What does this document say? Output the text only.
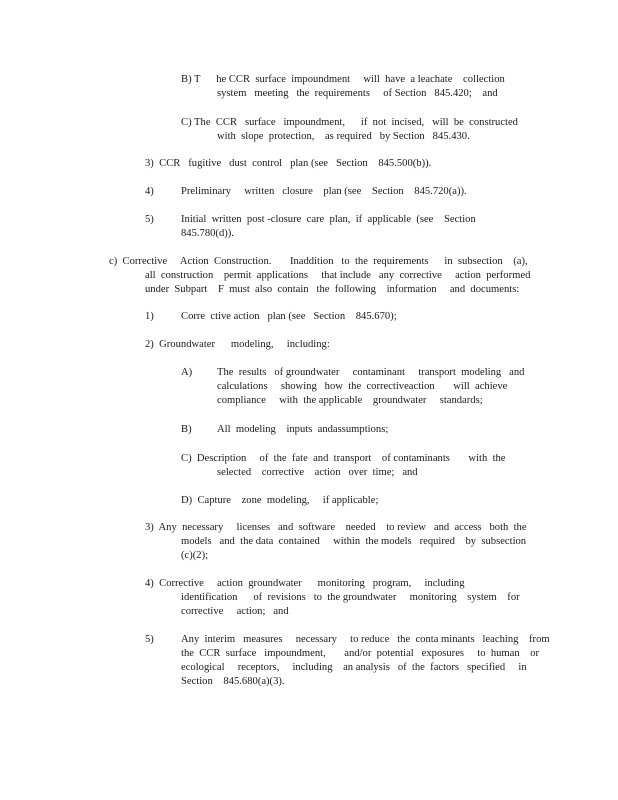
B) T      he CCR  surface  impoundment     will  have  a leachate    collection
system   meeting   the  requirements     of Section   845.420;    and
C) The  CCR   surface   impoundment,      if  not  incised,   will  be  constructed
with  slope  protection,    as required   by Section   845.430.
3)  CCR   fugitive   dust  control   plan (see   Section    845.500(b)).
4)	Preliminary     written   closure    plan (see    Section    845.720(a)).
5)	Initial  written  post -closure  care  plan,  if  applicable  (see    Section
845.780(d)).
c)  Corrective     Action  Construction.       Inaddition   to  the  requirements      in  subsection    (a),
all  construction    permit  applications     that include   any  corrective     action  performed
under  Subpart    F  must  also  contain   the  following    information     and  documents:
1)	Corre  ctive action   plan (see   Section    845.670);
2)  Groundwater      modeling,     including:
A) The  results   of groundwater     contaminant     transport  modeling   and
calculations     showing   how  the  correctiveaction       will  achieve
compliance     with  the applicable    groundwater     standards;
B) All  modeling    inputs  andassumptions;
C)  Description     of  the  fate  and  transport    of contaminants       with  the
selected    corrective    action   over  time;   and
D)  Capture    zone  modeling,     if applicable;
3)  Any  necessary     licenses   and  software    needed    to review   and  access   both  the
models   and  the data  contained     within  the models   required    by  subsection
(c)(2);
4)  Corrective     action  groundwater      monitoring   program,     including
identification      of  revisions   to  the groundwater     monitoring    system    for
corrective     action;   and
5)	Any  interim   measures     necessary     to reduce   the  conta minants   leaching    from
the  CCR  surface   impoundment,       and/or  potential   exposures     to  human    or
ecological     receptors,     including    an analysis   of  the  factors   specified     in
Section    845.680(a)(3).
